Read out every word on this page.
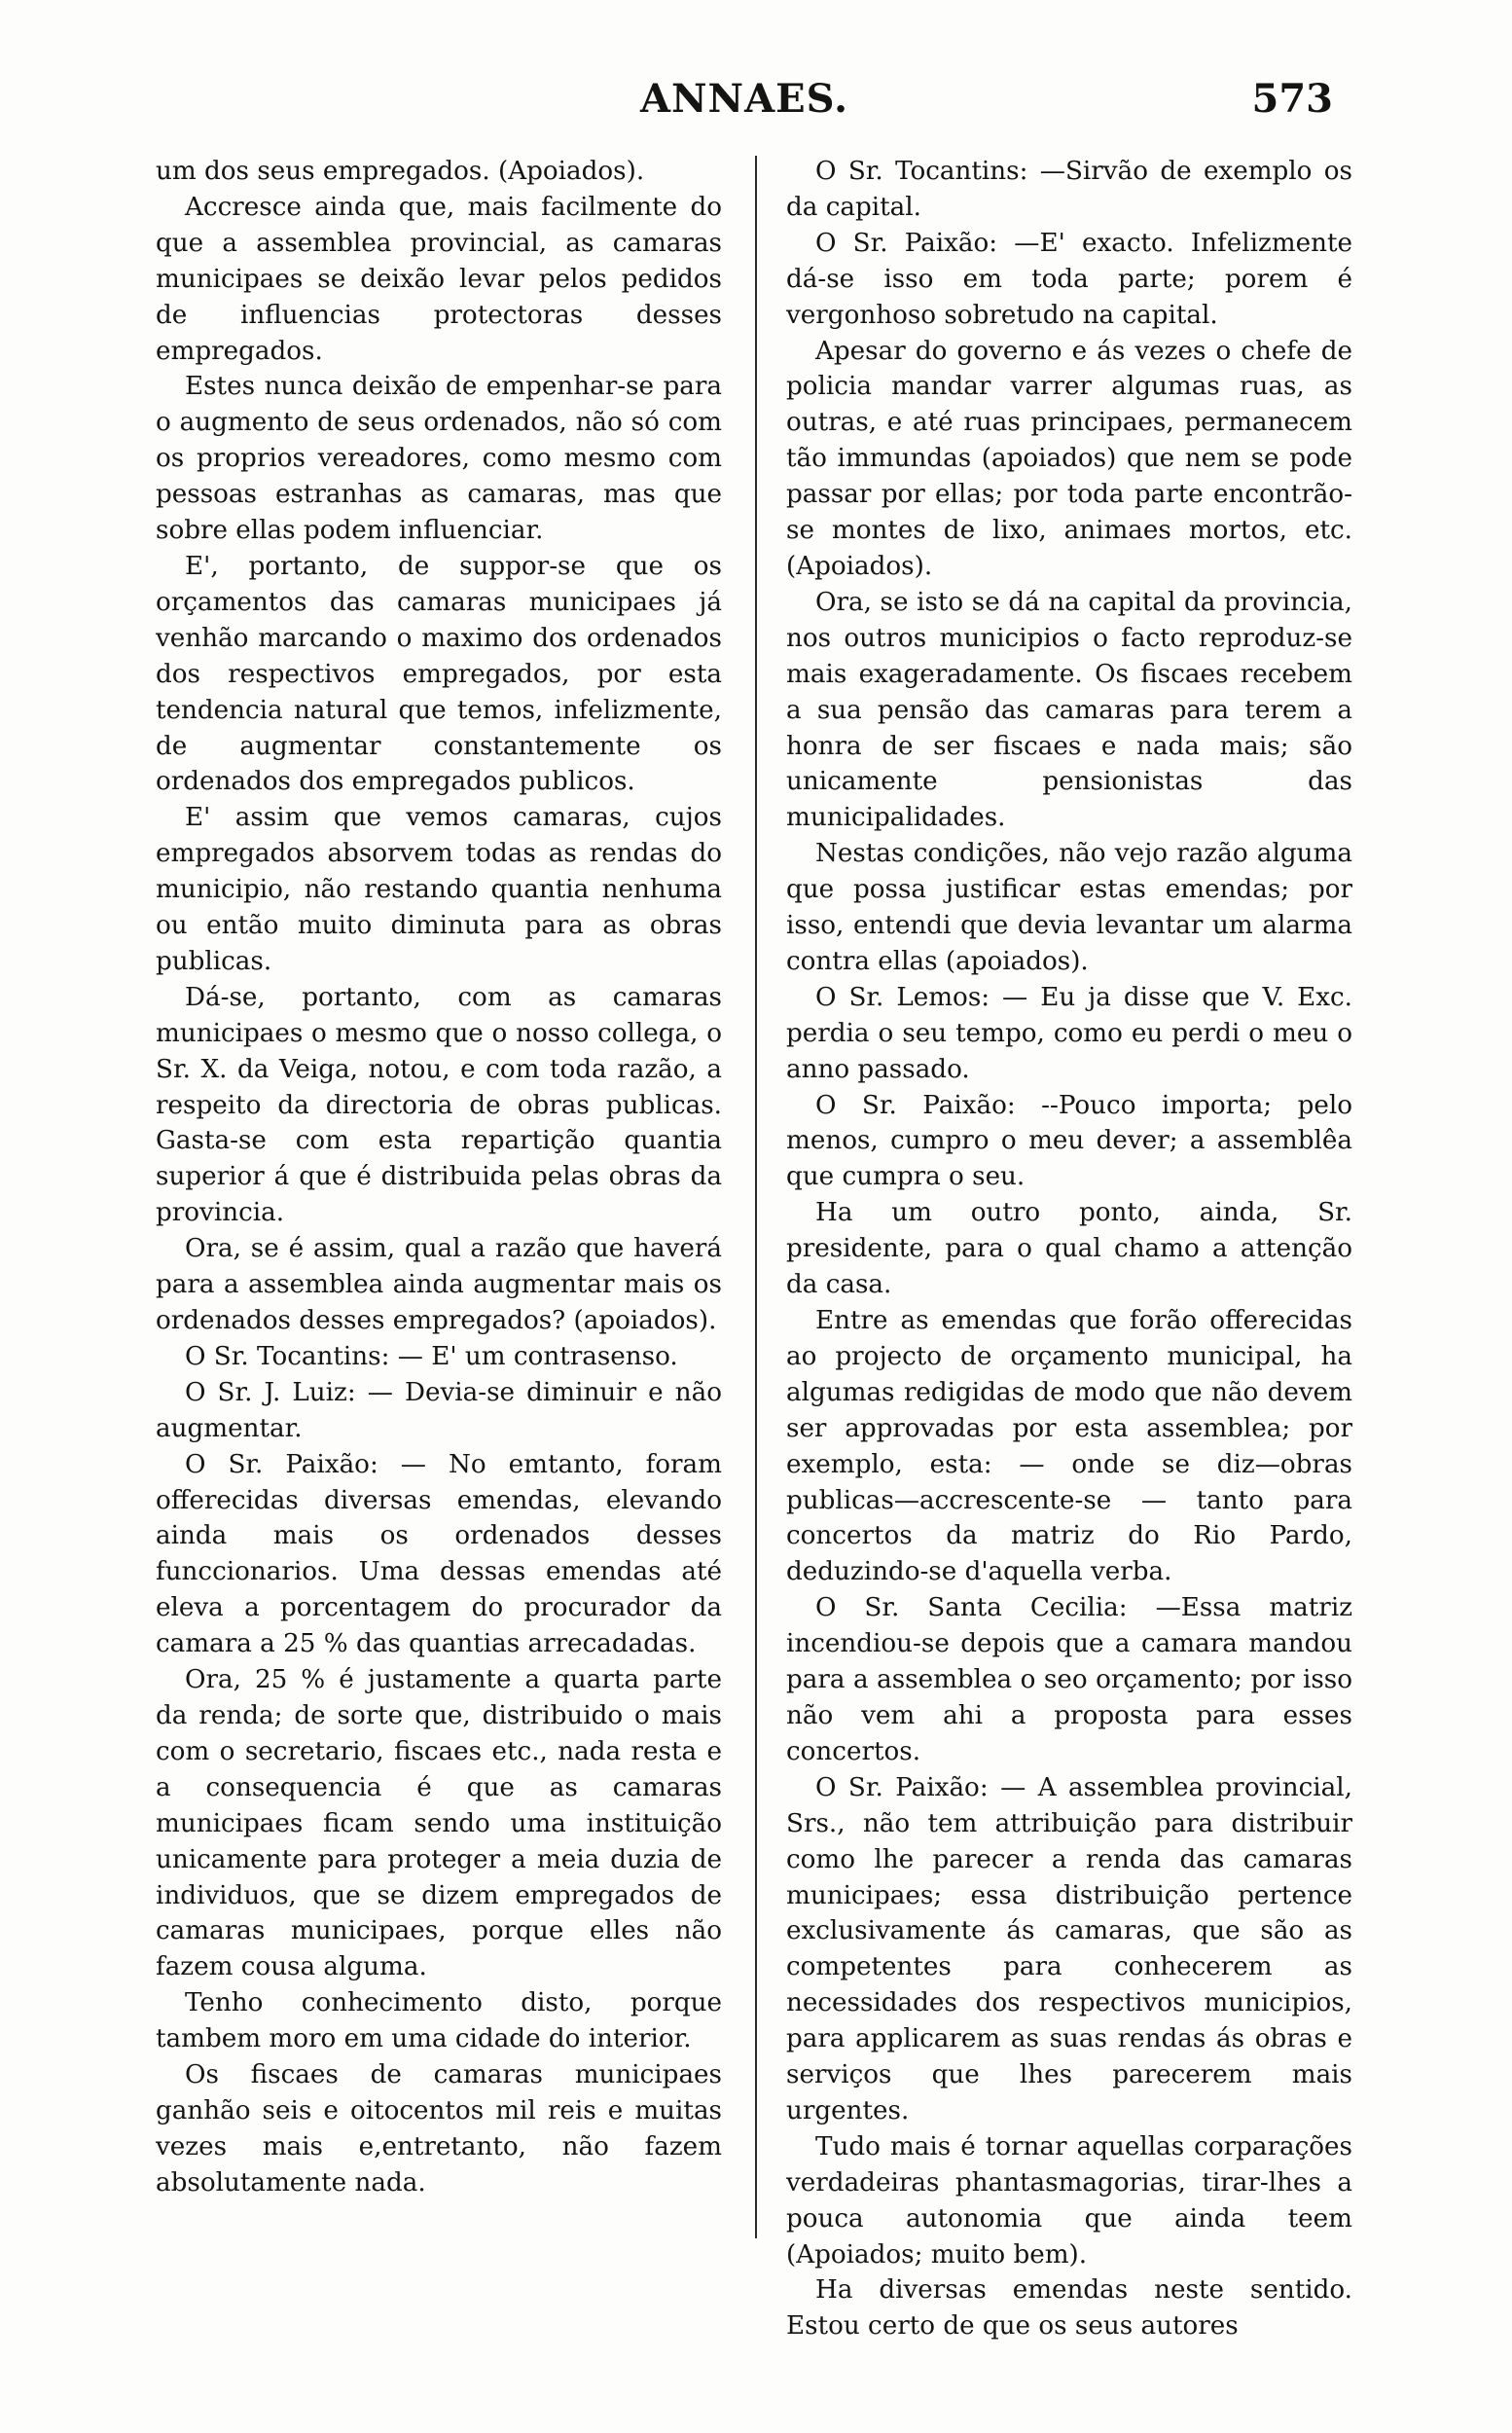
ANNAES.	573

um dos seus empregados. (Apoiados).

Accresce ainda que, mais facilmente do que a assemblea provincial, as camaras municipaes se deixão levar pelos pedidos de influencias protectoras desses empregados.

Estes nunca deixão de empenhar-se para o augmento de seus ordenados, não só com os proprios vereadores, como mesmo com pessoas estranhas as camaras, mas que sobre ellas podem influenciar.

E', portanto, de suppor-se que os orçamentos das camaras municipaes já venhão marcando o maximo dos ordenados dos respectivos empregados, por esta tendencia natural que temos, infelizmente, de augmentar constantemente os ordenados dos empregados publicos.

E' assim que vemos camaras, cujos empregados absorvem todas as rendas do municipio, não restando quantia nenhuma ou então muito diminuta para as obras publicas.

Dá-se, portanto, com as camaras municipaes o mesmo que o nosso collega, o Sr. X. da Veiga, notou, e com toda razão, a respeito da directoria de obras publicas. Gasta-se com esta repartição quantia superior á que é distribuida pelas obras da provincia.

Ora, se é assim, qual a razão que haverá para a assemblea ainda augmentar mais os ordenados desses empregados? (apoiados).

O Sr. Tocantins: — E' um contrasenso.

O Sr. J. Luiz: — Devia-se diminuir e não augmentar.

O Sr. Paixão: — No emtanto, foram offerecidas diversas emendas, elevando ainda mais os ordenados desses funccionarios. Uma dessas emendas até eleva a porcentagem do procurador da camara a 25 % das quantias arrecadadas.

Ora, 25 % é justamente a quarta parte da renda; de sorte que, distribuido o mais com o secretario, fiscaes etc., nada resta e a consequencia é que as camaras municipaes ficam sendo uma instituição unicamente para proteger a meia duzia de individuos, que se dizem empregados de camaras municipaes, porque elles não fazem cousa alguma.

Tenho conhecimento disto, porque tambem moro em uma cidade do interior.

Os fiscaes de camaras municipaes ganhão seis e oitocentos mil reis e muitas vezes mais e,entretanto, não fazem absolutamente nada.

O Sr. Tocantins: —Sirvão de exemplo os da capital.

O Sr. Paixão: —E' exacto. Infelizmente dá-se isso em toda parte; porem é vergonhoso sobretudo na capital.

Apesar do governo e ás vezes o chefe de policia mandar varrer algumas ruas, as outras, e até ruas principaes, permanecem tão immundas (apoiados) que nem se pode passar por ellas; por toda parte encontrão-se montes de lixo, animaes mortos, etc. (Apoiados).

Ora, se isto se dá na capital da provincia, nos outros municipios o facto reproduz-se mais exageradamente. Os fiscaes recebem a sua pensão das camaras para terem a honra de ser fiscaes e nada mais; são unicamente pensionistas das municipalidades.

Nestas condições, não vejo razão alguma que possa justificar estas emendas; por isso, entendi que devia levantar um alarma contra ellas (apoiados).

O Sr. Lemos: — Eu ja disse que V. Exc. perdia o seu tempo, como eu perdi o meu o anno passado.

O Sr. Paixão: --Pouco importa; pelo menos, cumpro o meu dever; a assemblêa que cumpra o seu.

Ha um outro ponto, ainda, Sr. presidente, para o qual chamo a attenção da casa.

Entre as emendas que forão offerecidas ao projecto de orçamento municipal, ha algumas redigidas de modo que não devem ser approvadas por esta assemblea; por exemplo, esta: — onde se diz—obras publicas—accrescente-se — tanto para concertos da matriz do Rio Pardo, deduzindo-se d'aquella verba.

O Sr. Santa Cecilia: —Essa matriz incendiou-se depois que a camara mandou para a assemblea o seo orçamento; por isso não vem ahi a proposta para esses concertos.

O Sr. Paixão: — A assemblea provincial, Srs., não tem attribuição para distribuir como lhe parecer a renda das camaras municipaes; essa distribuição pertence exclusivamente ás camaras, que são as competentes para conhecerem as necessidades dos respectivos municipios, para applicarem as suas rendas ás obras e serviços que lhes parecerem mais urgentes.

Tudo mais é tornar aquellas corparações verdadeiras phantasmagorias, tirar-lhes a pouca autonomia que ainda teem (Apoiados; muito bem).

Ha diversas emendas neste sentido. Estou certo de que os seus autores
